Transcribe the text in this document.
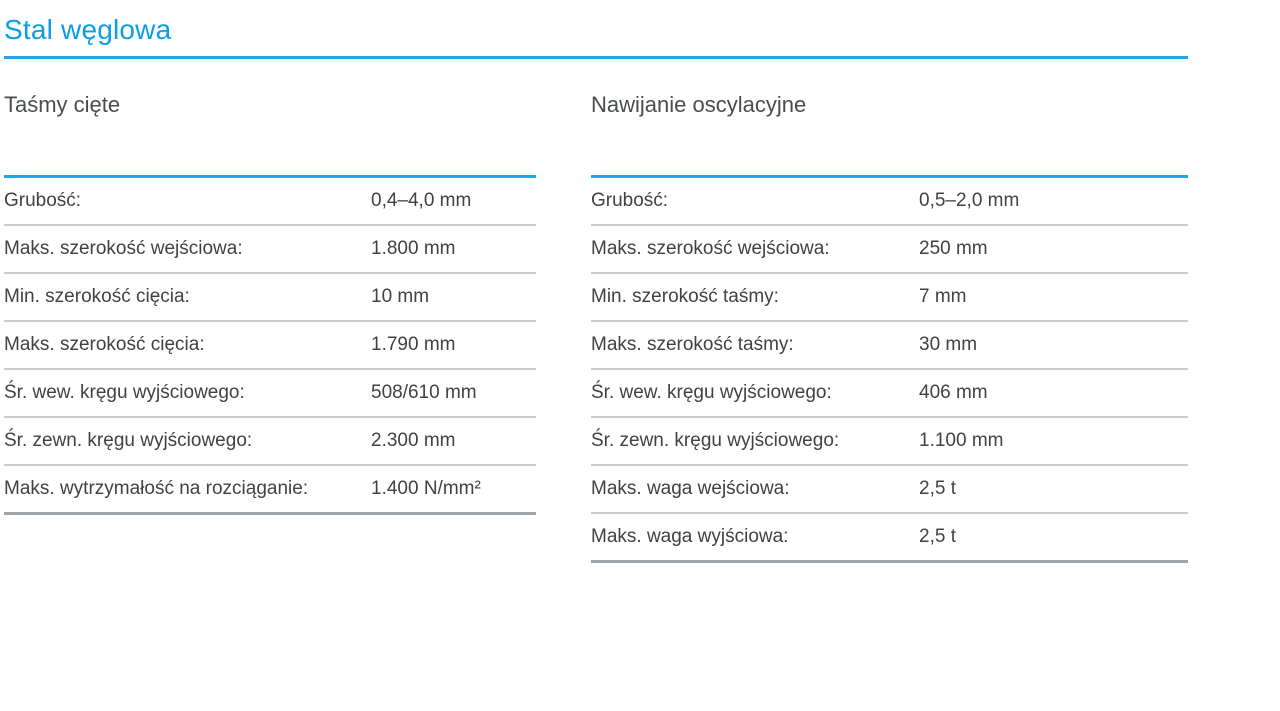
Stal węglowa
Taśmy cięte
Grubość:	0,4–4,0 mm
Maks. szerokość wejściowa:	1.800 mm
Min. szerokość cięcia:	10 mm
Maks. szerokość cięcia:	1.790 mm
Śr. wew. kręgu wyjściowego:	508/610 mm
Śr. zewn. kręgu wyjściowego:	2.300 mm
Maks. wytrzymałość na rozciąganie:	1.400 N/mm²
Nawijanie oscylacyjne
Grubość:	0,5–2,0 mm
Maks. szerokość wejściowa:	250 mm
Min. szerokość taśmy:	7 mm
Maks. szerokość taśmy:	30 mm
Śr. wew. kręgu wyjściowego:	406 mm
Śr. zewn. kręgu wyjściowego:	1.100 mm
Maks. waga wejściowa:	2,5 t
Maks. waga wyjściowa:	2,5 t
